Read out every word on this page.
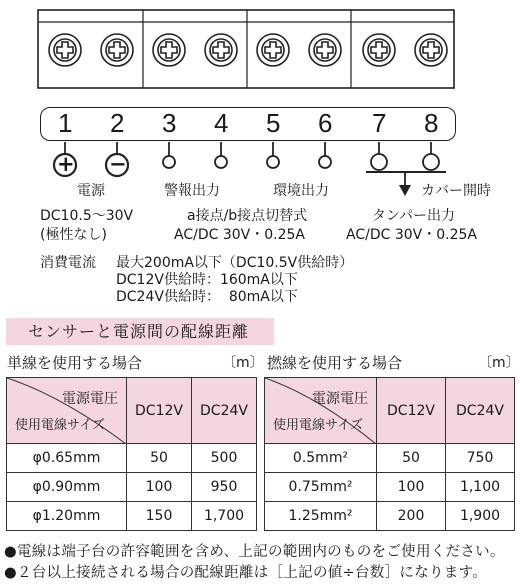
1 2 3 4 5 6 7 8
+ −
電源	警報出力	環境出力	カバー開時
DC10.5～30V
(極性なし)
a接点/b接点切替式
AC/DC 30V・0.25A
タンパー出力
AC/DC 30V・0.25A
消費電流 最大200mA以下（DC10.5V供給時）
DC12V供給時：160mA以下
DC24V供給時：  80mA以下
センサーと電源間の配線距離
単線を使用する場合	〔m〕
電源電圧
使用電線サイズ	DC12V	DC24V
φ0.65mm	50	500
φ0.90mm	100	950
φ1.20mm	150	1,700
撚線を使用する場合	〔m〕
電源電圧
使用電線サイズ	DC12V	DC24V
0.5mm²	50	750
0.75mm²	100	1,100
1.25mm²	200	1,900
●電線は端子台の許容範囲を含め、上記の範囲内のものをご使用ください。
●２台以上接続される場合の配線距離は［上記の値÷台数］になります。
